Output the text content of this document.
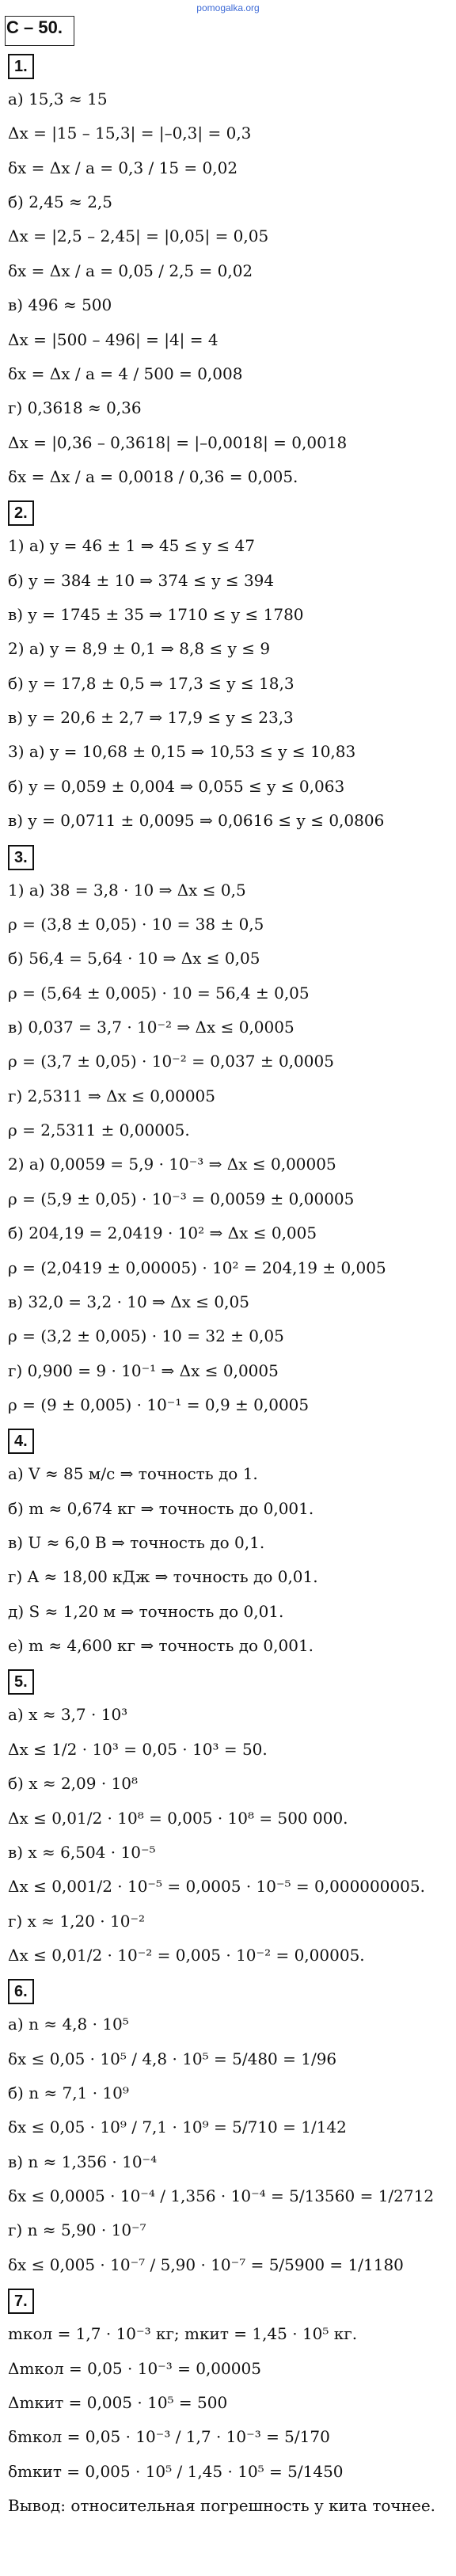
pomogalka.org
С – 50.
1.
а) 15,3 ≈ 15
Δx = |15 – 15,3| = |–0,3| = 0,3
δx = Δx / a = 0,3 / 15 = 0,02
б) 2,45 ≈ 2,5
Δx = |2,5 – 2,45| = |0,05| = 0,05
δx = Δx / a = 0,05 / 2,5 = 0,02
в) 496 ≈ 500
Δx = |500 – 496| = |4| = 4
δx = Δx / a = 4 / 500 = 0,008
г) 0,3618 ≈ 0,36
Δx = |0,36 – 0,3618| = |–0,0018| = 0,0018
δx = Δx / a = 0,0018 / 0,36 = 0,005.
2.
1) а) y = 46 ± 1 ⇒ 45 ≤ y ≤ 47
б) y = 384 ± 10 ⇒ 374 ≤ y ≤ 394
в) y = 1745 ± 35 ⇒ 1710 ≤ y ≤ 1780
2) а) y = 8,9 ± 0,1 ⇒ 8,8 ≤ y ≤ 9
б) y = 17,8 ± 0,5 ⇒ 17,3 ≤ y ≤ 18,3
в) y = 20,6 ± 2,7 ⇒ 17,9 ≤ y ≤ 23,3
3) а) y = 10,68 ± 0,15 ⇒ 10,53 ≤ y ≤ 10,83
б) y = 0,059 ± 0,004 ⇒ 0,055 ≤ y ≤ 0,063
в) y = 0,0711 ± 0,0095 ⇒ 0,0616 ≤ y ≤ 0,0806
3.
1) а) 38 = 3,8 · 10 ⇒ Δx ≤ 0,5
ρ = (3,8 ± 0,05) · 10 = 38 ± 0,5
б) 56,4 = 5,64 · 10 ⇒ Δx ≤ 0,05
ρ = (5,64 ± 0,005) · 10 = 56,4 ± 0,05
в) 0,037 = 3,7 · 10⁻² ⇒ Δx ≤ 0,0005
ρ = (3,7 ± 0,05) · 10⁻² = 0,037 ± 0,0005
г) 2,5311 ⇒ Δx ≤ 0,00005
ρ = 2,5311 ± 0,00005.
2) а) 0,0059 = 5,9 · 10⁻³ ⇒ Δx ≤ 0,00005
ρ = (5,9 ± 0,05) · 10⁻³ = 0,0059 ± 0,00005
б) 204,19 = 2,0419 · 10² ⇒ Δx ≤ 0,005
ρ = (2,0419 ± 0,00005) · 10² = 204,19 ± 0,005
в) 32,0 = 3,2 · 10 ⇒ Δx ≤ 0,05
ρ = (3,2 ± 0,005) · 10 = 32 ± 0,05
г) 0,900 = 9 · 10⁻¹ ⇒ Δx ≤ 0,0005
ρ = (9 ± 0,005) · 10⁻¹ = 0,9 ± 0,0005
4.
а) V ≈ 85 м/с ⇒ точность до 1.
б) m ≈ 0,674 кг ⇒ точность до 0,001.
в) U ≈ 6,0 В ⇒ точность до 0,1.
г) A ≈ 18,00 кДж ⇒ точность до 0,01.
д) S ≈ 1,20 м ⇒ точность до 0,01.
е) m ≈ 4,600 кг ⇒ точность до 0,001.
5.
а) x ≈ 3,7 · 10³
Δx ≤ 1/2 · 10³ = 0,05 · 10³ = 50.
б) x ≈ 2,09 · 10⁸
Δx ≤ 0,01/2 · 10⁸ = 0,005 · 10⁸ = 500 000.
в) x ≈ 6,504 · 10⁻⁵
Δx ≤ 0,001/2 · 10⁻⁵ = 0,0005 · 10⁻⁵ = 0,000000005.
г) x ≈ 1,20 · 10⁻²
Δx ≤ 0,01/2 · 10⁻² = 0,005 · 10⁻² = 0,00005.
6.
а) n ≈ 4,8 · 10⁵
δx ≤ 0,05 · 10⁵ / 4,8 · 10⁵ = 5/480 = 1/96
б) n ≈ 7,1 · 10⁹
δx ≤ 0,05 · 10⁹ / 7,1 · 10⁹ = 5/710 = 1/142
в) n ≈ 1,356 · 10⁻⁴
δx ≤ 0,0005 · 10⁻⁴ / 1,356 · 10⁻⁴ = 5/13560 = 1/2712
г) n ≈ 5,90 · 10⁻⁷
δx ≤ 0,005 · 10⁻⁷ / 5,90 · 10⁻⁷ = 5/5900 = 1/1180
7.
mкол = 1,7 · 10⁻³ кг; mкит = 1,45 · 10⁵ кг.
Δmкол = 0,05 · 10⁻³ = 0,00005
Δmкит = 0,005 · 10⁵ = 500
δmкол = 0,05 · 10⁻³ / 1,7 · 10⁻³ = 5/170
δmкит = 0,005 · 10⁵ / 1,45 · 10⁵ = 5/1450
Вывод: относительная погрешность у кита точнее.
